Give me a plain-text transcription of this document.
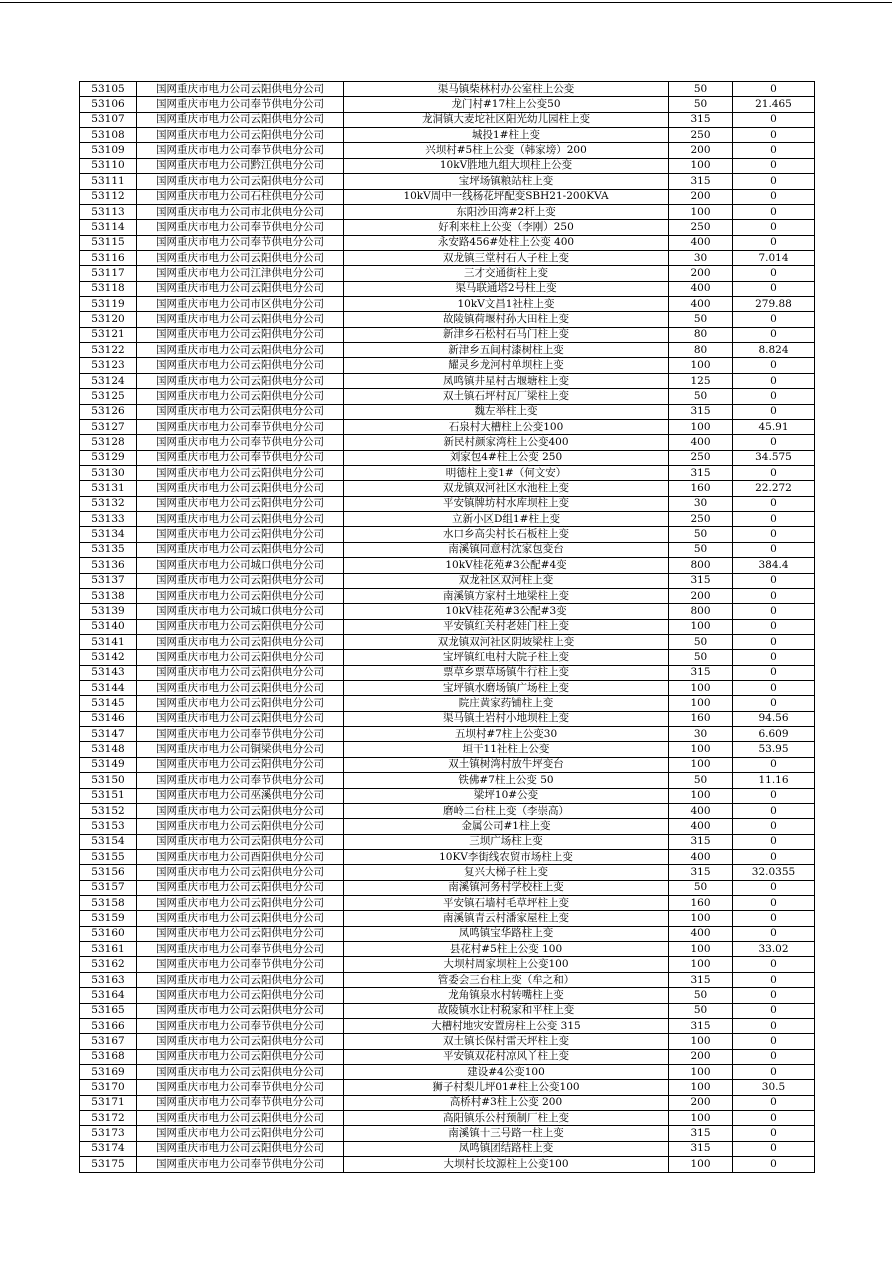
53105	国网重庆市电力公司云阳供电分公司	渠马镇柴林村办公室柱上公变	50	0
53106	国网重庆市电力公司奉节供电分公司	龙门村#17柱上公变50	50	21.465
53107	国网重庆市电力公司云阳供电分公司	龙洞镇大麦坨社区阳光幼儿园柱上变	315	0
53108	国网重庆市电力公司云阳供电分公司	城投1#柱上变	250	0
53109	国网重庆市电力公司奉节供电分公司	兴坝村#5柱上公变（韩家塝）200	200	0
53110	国网重庆市电力公司黔江供电分公司	10kV胜地九组大坝柱上公变	100	0
53111	国网重庆市电力公司云阳供电分公司	宝坪场镇粮站柱上变	315	0
53112	国网重庆市电力公司石柱供电分公司	10kV周中一线杨花坪配变SBH21-200KVA	200	0
53113	国网重庆市电力公司市北供电分公司	东阳沙田湾#2杆上变	100	0
53114	国网重庆市电力公司奉节供电分公司	好利来柱上公变（李刚）250	250	0
53115	国网重庆市电力公司奉节供电分公司	永安路456#处柱上公变 400	400	0
53116	国网重庆市电力公司云阳供电分公司	双龙镇三堂村石人子柱上变	30	7.014
53117	国网重庆市电力公司江津供电分公司	三才交通街柱上变	200	0
53118	国网重庆市电力公司云阳供电分公司	渠马联通塔2号柱上变	400	0
53119	国网重庆市电力公司市区供电分公司	10kV文昌1社柱上变	400	279.88
53120	国网重庆市电力公司云阳供电分公司	故陵镇荷堰村孙大田柱上变	50	0
53121	国网重庆市电力公司云阳供电分公司	新津乡石松村石马门柱上变	80	0
53122	国网重庆市电力公司云阳供电分公司	新津乡五间村漆树柱上变	80	8.824
53123	国网重庆市电力公司云阳供电分公司	耀灵乡龙河村单坝柱上变	100	0
53124	国网重庆市电力公司云阳供电分公司	凤鸣镇井星村古堰塘柱上变	125	0
53125	国网重庆市电力公司云阳供电分公司	双土镇石坪村瓦厂梁柱上变	50	0
53126	国网重庆市电力公司云阳供电分公司	魏左举柱上变	315	0
53127	国网重庆市电力公司奉节供电分公司	石泉村大槽柱上公变100	100	45.91
53128	国网重庆市电力公司奉节供电分公司	新民村颜家湾柱上公变400	400	0
53129	国网重庆市电力公司奉节供电分公司	刘家包4#柱上公变 250	250	34.575
53130	国网重庆市电力公司云阳供电分公司	明德柱上变1#（何文安）	315	0
53131	国网重庆市电力公司云阳供电分公司	双龙镇双河社区水池柱上变	160	22.272
53132	国网重庆市电力公司云阳供电分公司	平安镇牌坊村水库坝柱上变	30	0
53133	国网重庆市电力公司云阳供电分公司	立新小区D组1#柱上变	250	0
53134	国网重庆市电力公司云阳供电分公司	水口乡高尖村长石板柱上变	50	0
53135	国网重庆市电力公司云阳供电分公司	南溪镇同意村沈家包变台	50	0
53136	国网重庆市电力公司城口供电分公司	10kV桂花苑#3公配#4变	800	384.4
53137	国网重庆市电力公司云阳供电分公司	双龙社区双河柱上变	315	0
53138	国网重庆市电力公司云阳供电分公司	南溪镇方家村土地梁柱上变	200	0
53139	国网重庆市电力公司城口供电分公司	10kV桂花苑#3公配#3变	800	0
53140	国网重庆市电力公司云阳供电分公司	平安镇红关村老娃门柱上变	100	0
53141	国网重庆市电力公司云阳供电分公司	双龙镇双河社区阴坡梁柱上变	50	0
53142	国网重庆市电力公司云阳供电分公司	宝坪镇红电村大院子柱上变	50	0
53143	国网重庆市电力公司云阳供电分公司	票草乡票草场镇牛行柱上变	315	0
53144	国网重庆市电力公司云阳供电分公司	宝坪镇水磨场镇广场柱上变	100	0
53145	国网重庆市电力公司云阳供电分公司	院庄黄家药铺柱上变	100	0
53146	国网重庆市电力公司云阳供电分公司	渠马镇土岩村小地坝柱上变	160	94.56
53147	国网重庆市电力公司奉节供电分公司	五坝村#7柱上公变30	30	6.609
53148	国网重庆市电力公司铜梁供电分公司	垣干11社柱上公变	100	53.95
53149	国网重庆市电力公司云阳供电分公司	双土镇树湾村放牛坪变台	100	0
53150	国网重庆市电力公司奉节供电分公司	铁佛#7柱上公变 50	50	11.16
53151	国网重庆市电力公司巫溪供电分公司	梁坪10#公变	100	0
53152	国网重庆市电力公司云阳供电分公司	磨岭二台柱上变（李崇高）	400	0
53153	国网重庆市电力公司云阳供电分公司	金属公司#1柱上变	400	0
53154	国网重庆市电力公司云阳供电分公司	三坝广场柱上变	315	0
53155	国网重庆市电力公司酉阳供电分公司	10KV李街线农贸市场柱上变	400	0
53156	国网重庆市电力公司云阳供电分公司	复兴大梯子柱上变	315	32.0355
53157	国网重庆市电力公司云阳供电分公司	南溪镇河务村学校柱上变	50	0
53158	国网重庆市电力公司云阳供电分公司	平安镇石墙村毛草坪柱上变	160	0
53159	国网重庆市电力公司云阳供电分公司	南溪镇青云村潘家屋柱上变	100	0
53160	国网重庆市电力公司云阳供电分公司	凤鸣镇宝华路柱上变	400	0
53161	国网重庆市电力公司奉节供电分公司	县花村#5柱上公变 100	100	33.02
53162	国网重庆市电力公司奉节供电分公司	大坝村周家坝柱上公变100	100	0
53163	国网重庆市电力公司云阳供电分公司	管委会三台柱上变（牟之和）	315	0
53164	国网重庆市电力公司云阳供电分公司	龙角镇泉水村转嘴柱上变	50	0
53165	国网重庆市电力公司云阳供电分公司	故陵镇水让村税家和平柱上变	50	0
53166	国网重庆市电力公司奉节供电分公司	大槽村地灾安置房柱上公变 315	315	0
53167	国网重庆市电力公司云阳供电分公司	双土镇长保村雷天坪柱上变	100	0
53168	国网重庆市电力公司云阳供电分公司	平安镇双花村凉风丫柱上变	200	0
53169	国网重庆市电力公司云阳供电分公司	建设#4公变100	100	0
53170	国网重庆市电力公司奉节供电分公司	狮子村梨儿坪01#柱上公变100	100	30.5
53171	国网重庆市电力公司奉节供电分公司	高桥村#3柱上公变 200	200	0
53172	国网重庆市电力公司云阳供电分公司	高阳镇乐公村预制厂柱上变	100	0
53173	国网重庆市电力公司云阳供电分公司	南溪镇十三号路一柱上变	315	0
53174	国网重庆市电力公司云阳供电分公司	凤鸣镇团结路柱上变	315	0
53175	国网重庆市电力公司奉节供电分公司	大坝村长坟源柱上公变100	100	0
